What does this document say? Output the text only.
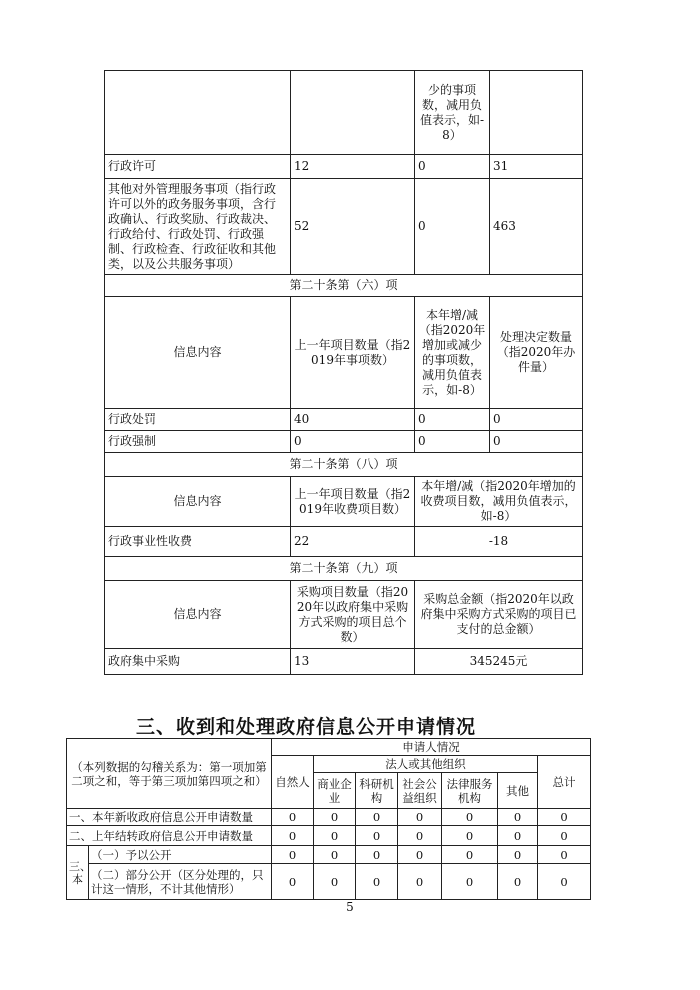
		少的事项数，减用负值表示，如-8）	
行政许可	12	0	31
其他对外管理服务事项（指行政许可以外的政务服务事项，含行政确认、行政奖励、行政裁决、行政给付、行政处罚、行政强制、行政检查、行政征收和其他类，以及公共服务事项）	52	0	463
第二十条第（六）项			
信息内容	上一年项目数量（指2019年事项数）	本年增/减（指2020年增加或减少的事项数，减用负值表示，如-8）	处理决定数量（指2020年办件量）
行政处罚	40	0	0
行政强制	0	0	0
第二十条第（八）项			
信息内容	上一年项目数量（指2019年收费项目数）	本年增/减（指2020年增加的收费项目数，减用负值表示，如-8）	
行政事业性收费	22	-18	
第二十条第（九）项			
信息内容	采购项目数量（指2020年以政府集中采购方式采购的项目总个数）	采购总金额（指2020年以政府集中采购方式采购的项目已支付的总金额）	
政府集中采购	13	345245元	
三、收到和处理政府信息公开申请情况
（本列数据的勾稽关系为：第一项加第二项之和，等于第三项加第四项之和）		申请人情况						
		自然人	法人或其他组织					总计
			商业企业	科研机构	社会公益组织	法律服务机构	其他	
一、本年新收政府信息公开申请数量		0	0	0	0	0	0	0
二、上年结转政府信息公开申请数量		0	0	0	0	0	0	0
三、本	（一）予以公开	0	0	0	0	0	0	0
	（二）部分公开（区分处理的，只计这一情形，不计其他情形）	0	0	0	0	0	0	0
5
